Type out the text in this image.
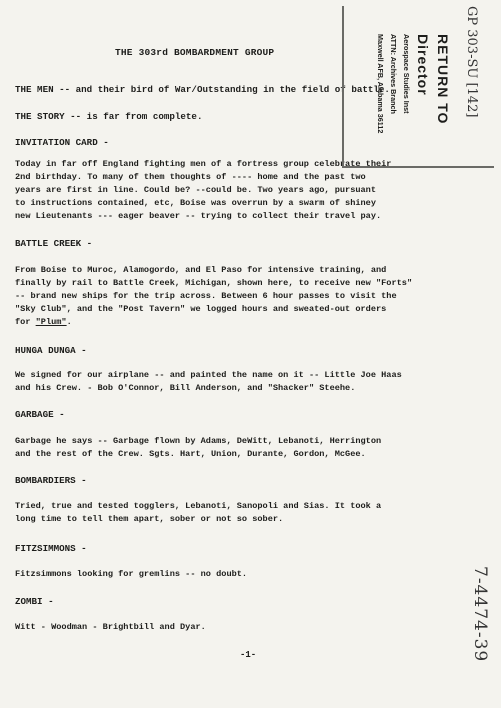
THE 303rd BOMBARDMENT GROUP
THE MEN -- and their bird of War/Outstanding in the field of battle.
THE STORY -- is far from complete.
INVITATION CARD -
Today in far off England fighting men of a fortress group celebrate their
2nd birthday. To many of them thoughts of ---- home and the past two
years are first in line. Could be? --could be. Two years ago, pursuant
to instructions contained, etc, Boise was overrun by a swarm of shiney
new Lieutenants --- eager beaver -- trying to collect their travel pay.
BATTLE CREEK -
From Boise to Muroc, Alamogordo, and El Paso for intensive training, and
finally by rail to Battle Creek, Michigan, shown here, to receive new "Forts"
-- brand new ships for the trip across. Between 6 hour passes to visit the
"Sky Club", and the "Post Tavern" we logged hours and sweated-out orders
for "Plum".
HUNGA DUNGA -
We signed for our airplane -- and painted the name on it -- Little Joe Haas
and his Crew. - Bob O'Connor, Bill Anderson, and "Shacker" Steehe.
GARBAGE -
Garbage he says -- Garbage flown by Adams, DeWitt, Lebanoti, Herrington
and the rest of the Crew. Sgts. Hart, Union, Durante, Gordon, McGee.
BOMBARDIERS -
Tried, true and tested togglers, Lebanoti, Sanopoli and Sias. It took a
long time to tell them apart, sober or not so sober.
FITZSIMMONS -
Fitzsimmons looking for gremlins -- no doubt.
ZOMBI -
Witt - Woodman - Brightbill and Dyar.
-1-
RETURN TO
Director
Aerospace Studies Inst
ATTN: Archives Branch
Maxwell AFB, Alabama 36112	GP 303-SU [142]
7-4474-39
